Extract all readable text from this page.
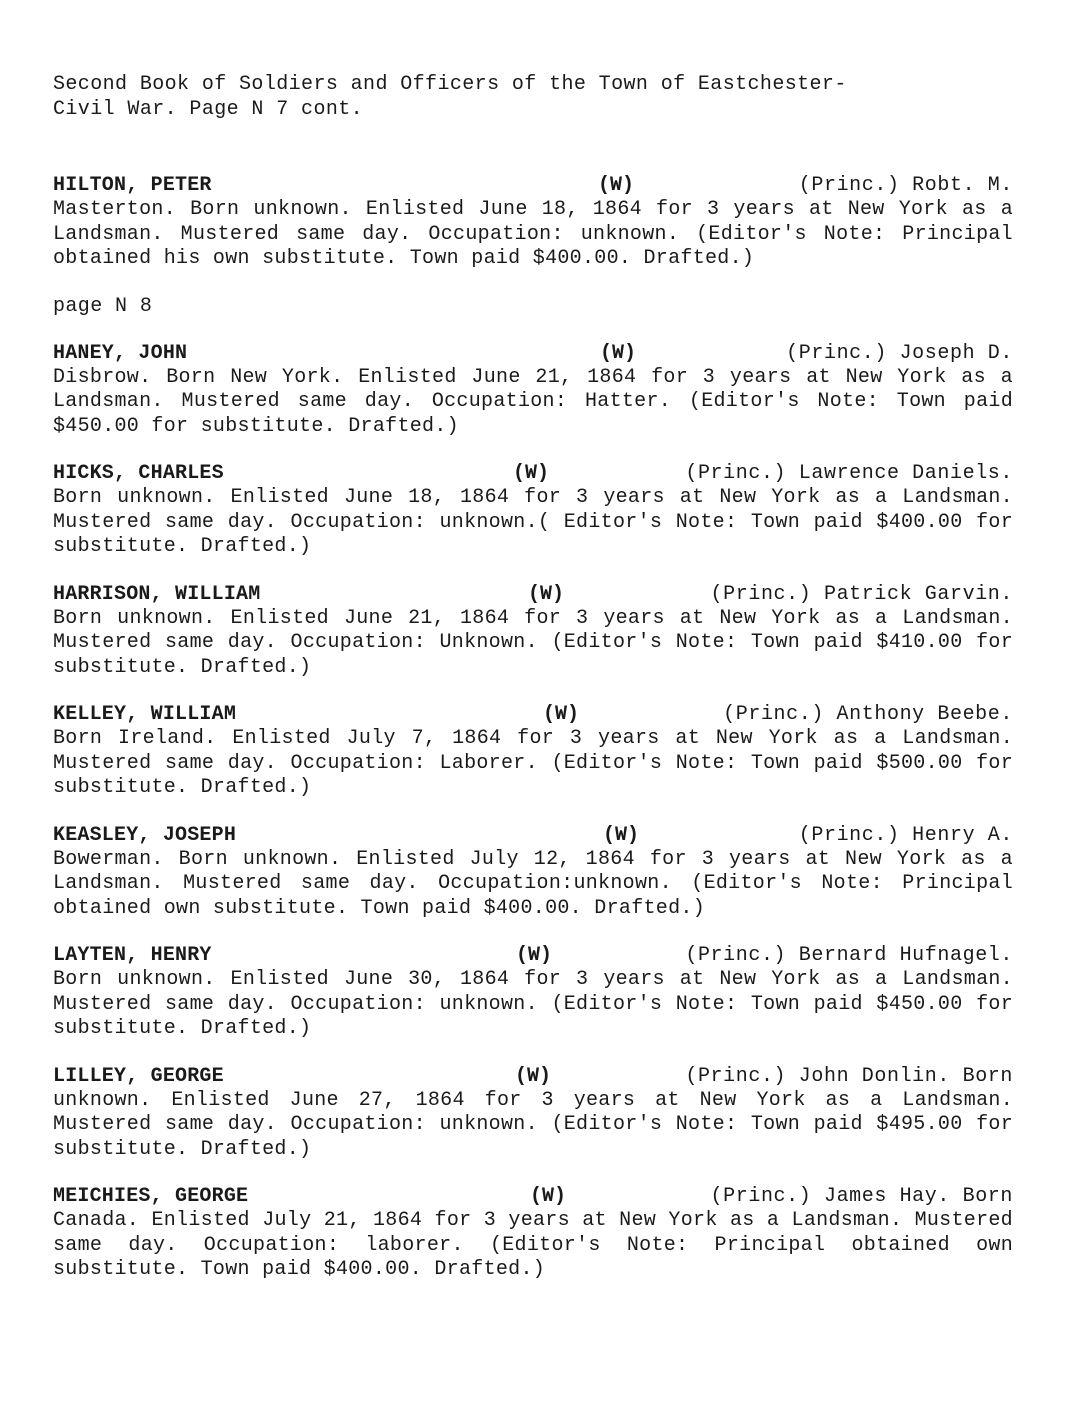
Second Book of Soldiers and Officers of the Town of Eastchester-
Civil War. Page N 7 cont.
HILTON, PETER	(W)	(Princ.) Robt. M.
Masterton. Born unknown. Enlisted June 18, 1864 for 3 years at New York as a Landsman. Mustered same day. Occupation: unknown. (Editor's Note: Principal obtained his own substitute. Town paid $400.00. Drafted.)
page N 8
HANEY, JOHN	(W)	(Princ.) Joseph D.
Disbrow. Born New York. Enlisted June 21, 1864 for 3 years at New York as a Landsman. Mustered same day. Occupation: Hatter. (Editor's Note: Town paid $450.00 for substitute. Drafted.)
HICKS, CHARLES	(W)	(Princ.) Lawrence Daniels.
Born unknown. Enlisted June 18, 1864 for 3 years at New York as a Landsman. Mustered same day. Occupation: unknown.( Editor's Note: Town paid $400.00 for substitute. Drafted.)
HARRISON, WILLIAM	(W)	(Princ.) Patrick Garvin.
Born unknown. Enlisted June 21, 1864 for 3 years at New York as a Landsman. Mustered same day. Occupation: Unknown. (Editor's Note: Town paid $410.00 for substitute. Drafted.)
KELLEY, WILLIAM	(W)	(Princ.) Anthony Beebe.
Born Ireland. Enlisted July 7, 1864 for 3 years at New York as a Landsman. Mustered same day. Occupation: Laborer. (Editor's Note: Town paid $500.00 for substitute. Drafted.)
KEASLEY, JOSEPH	(W)	(Princ.) Henry A.
Bowerman. Born unknown. Enlisted July 12, 1864 for 3 years at New York as a Landsman. Mustered same day. Occupation:unknown. (Editor's Note: Principal obtained own substitute. Town paid $400.00. Drafted.)
LAYTEN, HENRY	(W)	(Princ.) Bernard Hufnagel.
Born unknown. Enlisted June 30, 1864 for 3 years at New York as a Landsman. Mustered same day. Occupation: unknown. (Editor's Note: Town paid $450.00 for substitute. Drafted.)
LILLEY, GEORGE	(W)	(Princ.) John Donlin. Born
unknown. Enlisted June 27, 1864 for 3 years at New York as a Landsman. Mustered same day. Occupation: unknown. (Editor's Note: Town paid $495.00 for substitute. Drafted.)
MEICHIES, GEORGE	(W)	(Princ.) James Hay. Born
Canada. Enlisted July 21, 1864 for 3 years at New York as a Landsman. Mustered same day. Occupation: laborer. (Editor's Note: Principal obtained own substitute. Town paid $400.00. Drafted.)
